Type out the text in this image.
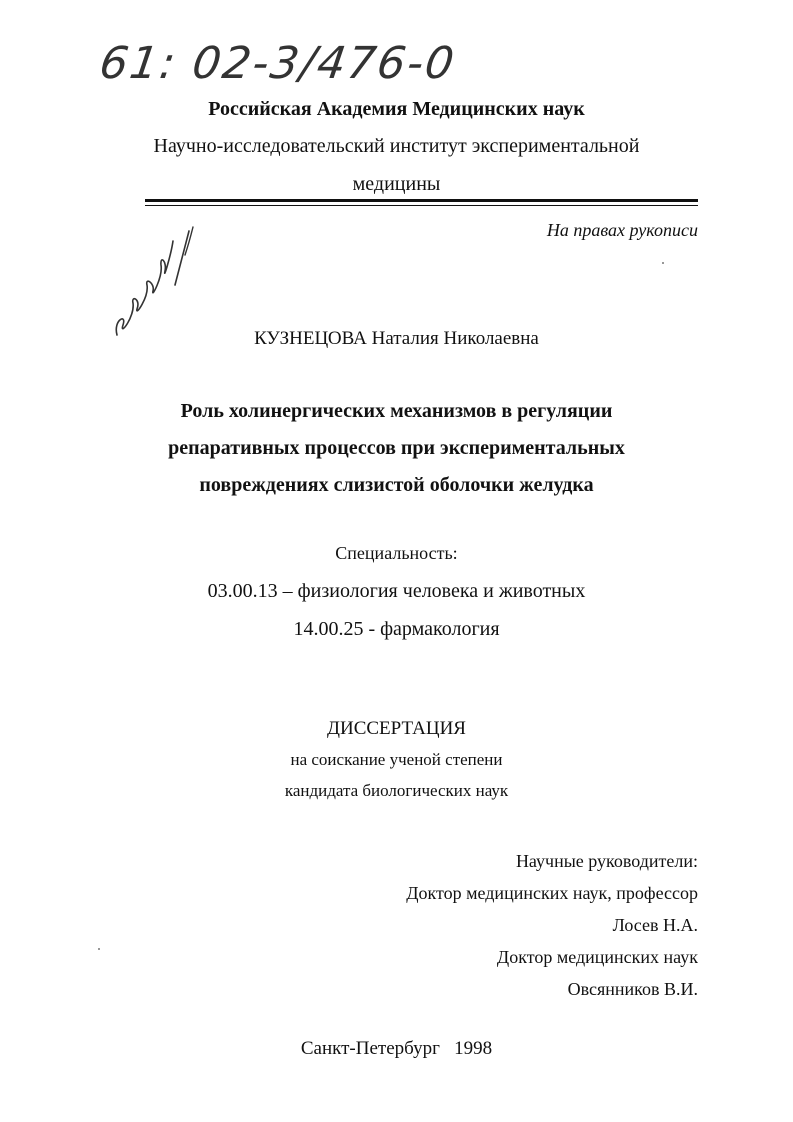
61: 02-3/476-0
Российская Академия Медицинских наук
Научно-исследовательский институт экспериментальной
медицины
На правах рукописи
КУЗНЕЦОВА Наталия Николаевна
Роль холинергических механизмов в регуляции
репаративных процессов при экспериментальных
повреждениях слизистой оболочки желудка
Специальность:
03.00.13 – физиология человека и животных
14.00.25 - фармакология
ДИССЕРТАЦИЯ
на соискание ученой степени
кандидата биологических наук
Научные руководители:
Доктор медицинских наук, профессор
Лосев Н.А.
Доктор медицинских наук
Овсянников В.И.
Санкт-Петербург 1998
